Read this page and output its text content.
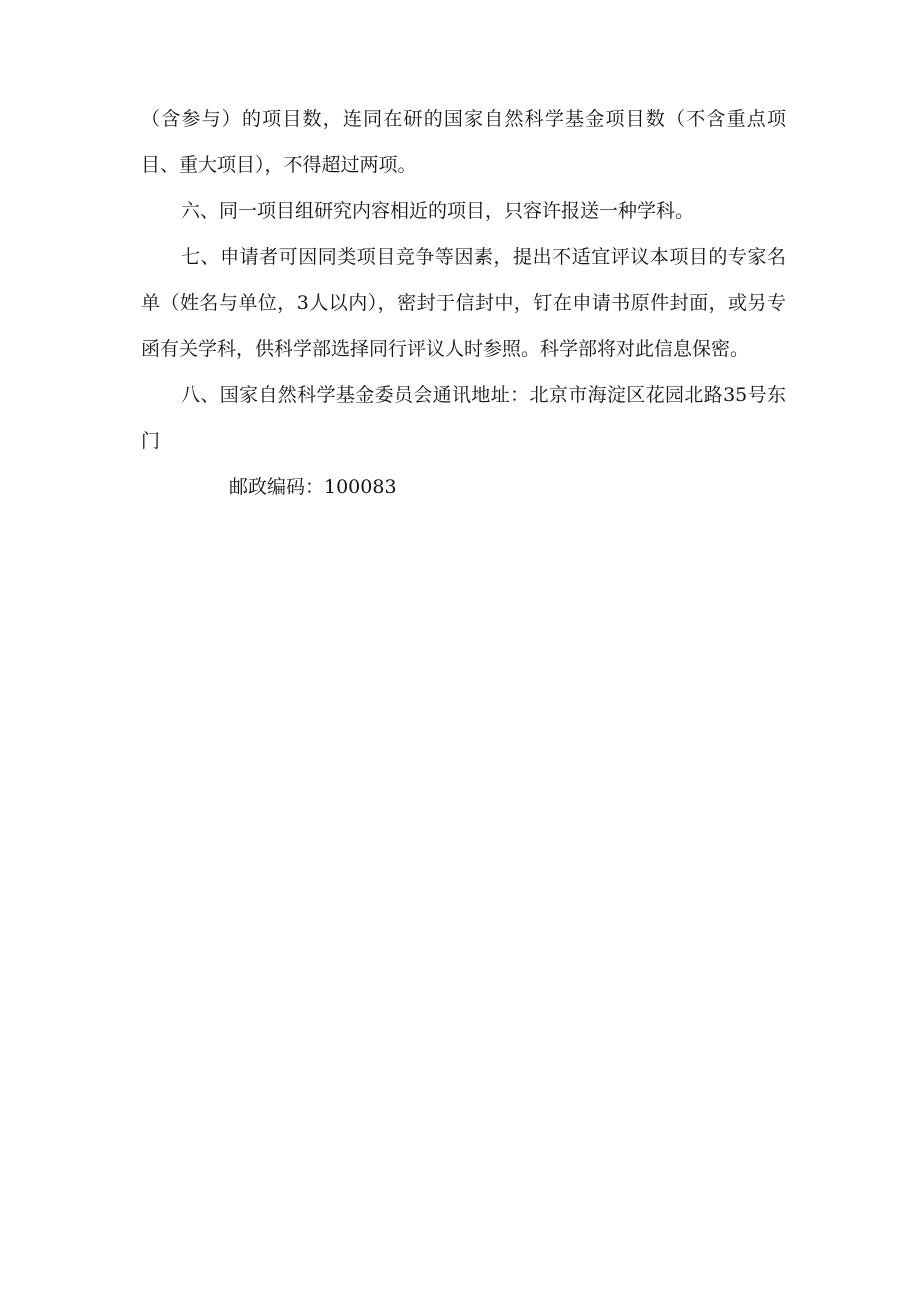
（含参与）的项目数，连同在研的国家自然科学基金项目数（不含重点项目、重大项目），不得超过两项。

六、同一项目组研究内容相近的项目，只容许报送一种学科。

七、申请者可因同类项目竞争等因素，提出不适宜评议本项目的专家名单（姓名与单位，3人以内），密封于信封中，钉在申请书原件封面，或另专函有关学科，供科学部选择同行评议人时参照。科学部将对此信息保密。

八、国家自然科学基金委员会通讯地址：北京市海淀区花园北路35号东门

邮政编码：100083
